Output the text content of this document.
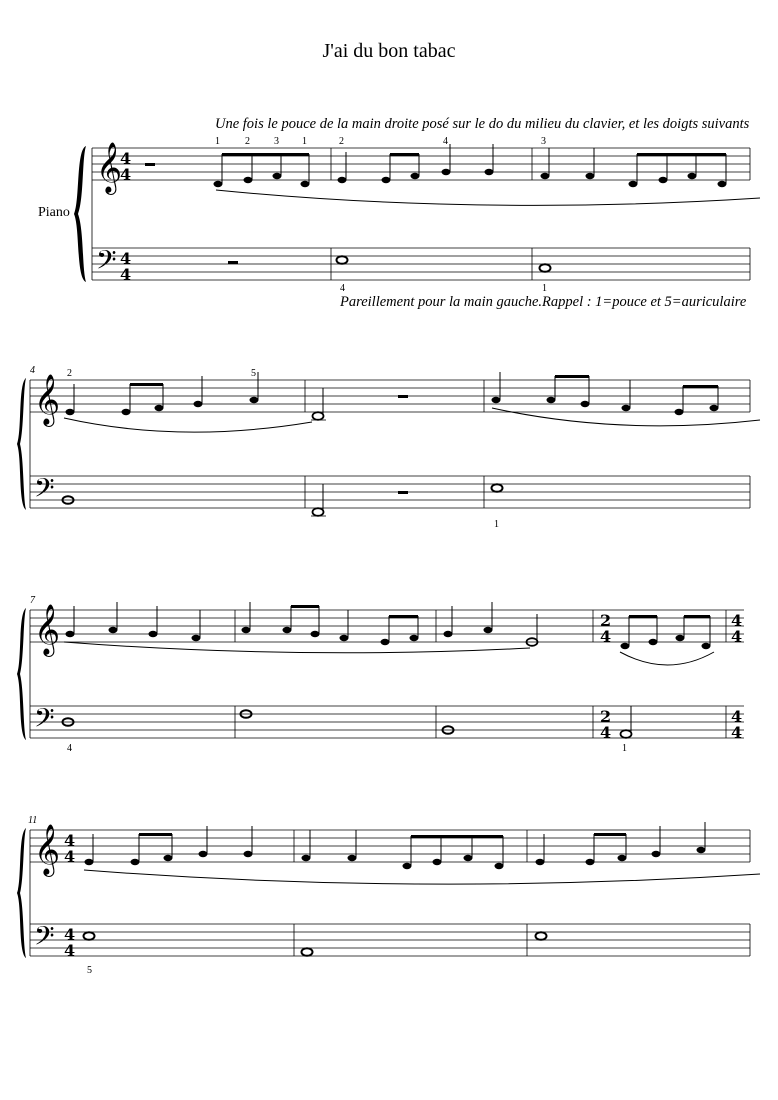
J'ai du bon tabac
Une fois le pouce de la main droite posé sur le do du milieu du clavier, et les doigts suivants
Piano
Pareillement pour la main gauche.Rappel : 1=pouce et 5=auriculaire
𝄞
𝄢
4
4
4
4
1	2 3 1	2	4	3
4	1
4
𝄞
𝄢
2	5
1
7
𝄞
𝄢
2
4
4
4
2
4
4
4
4	1
11
𝄞
𝄢
4
4
4
4
5
